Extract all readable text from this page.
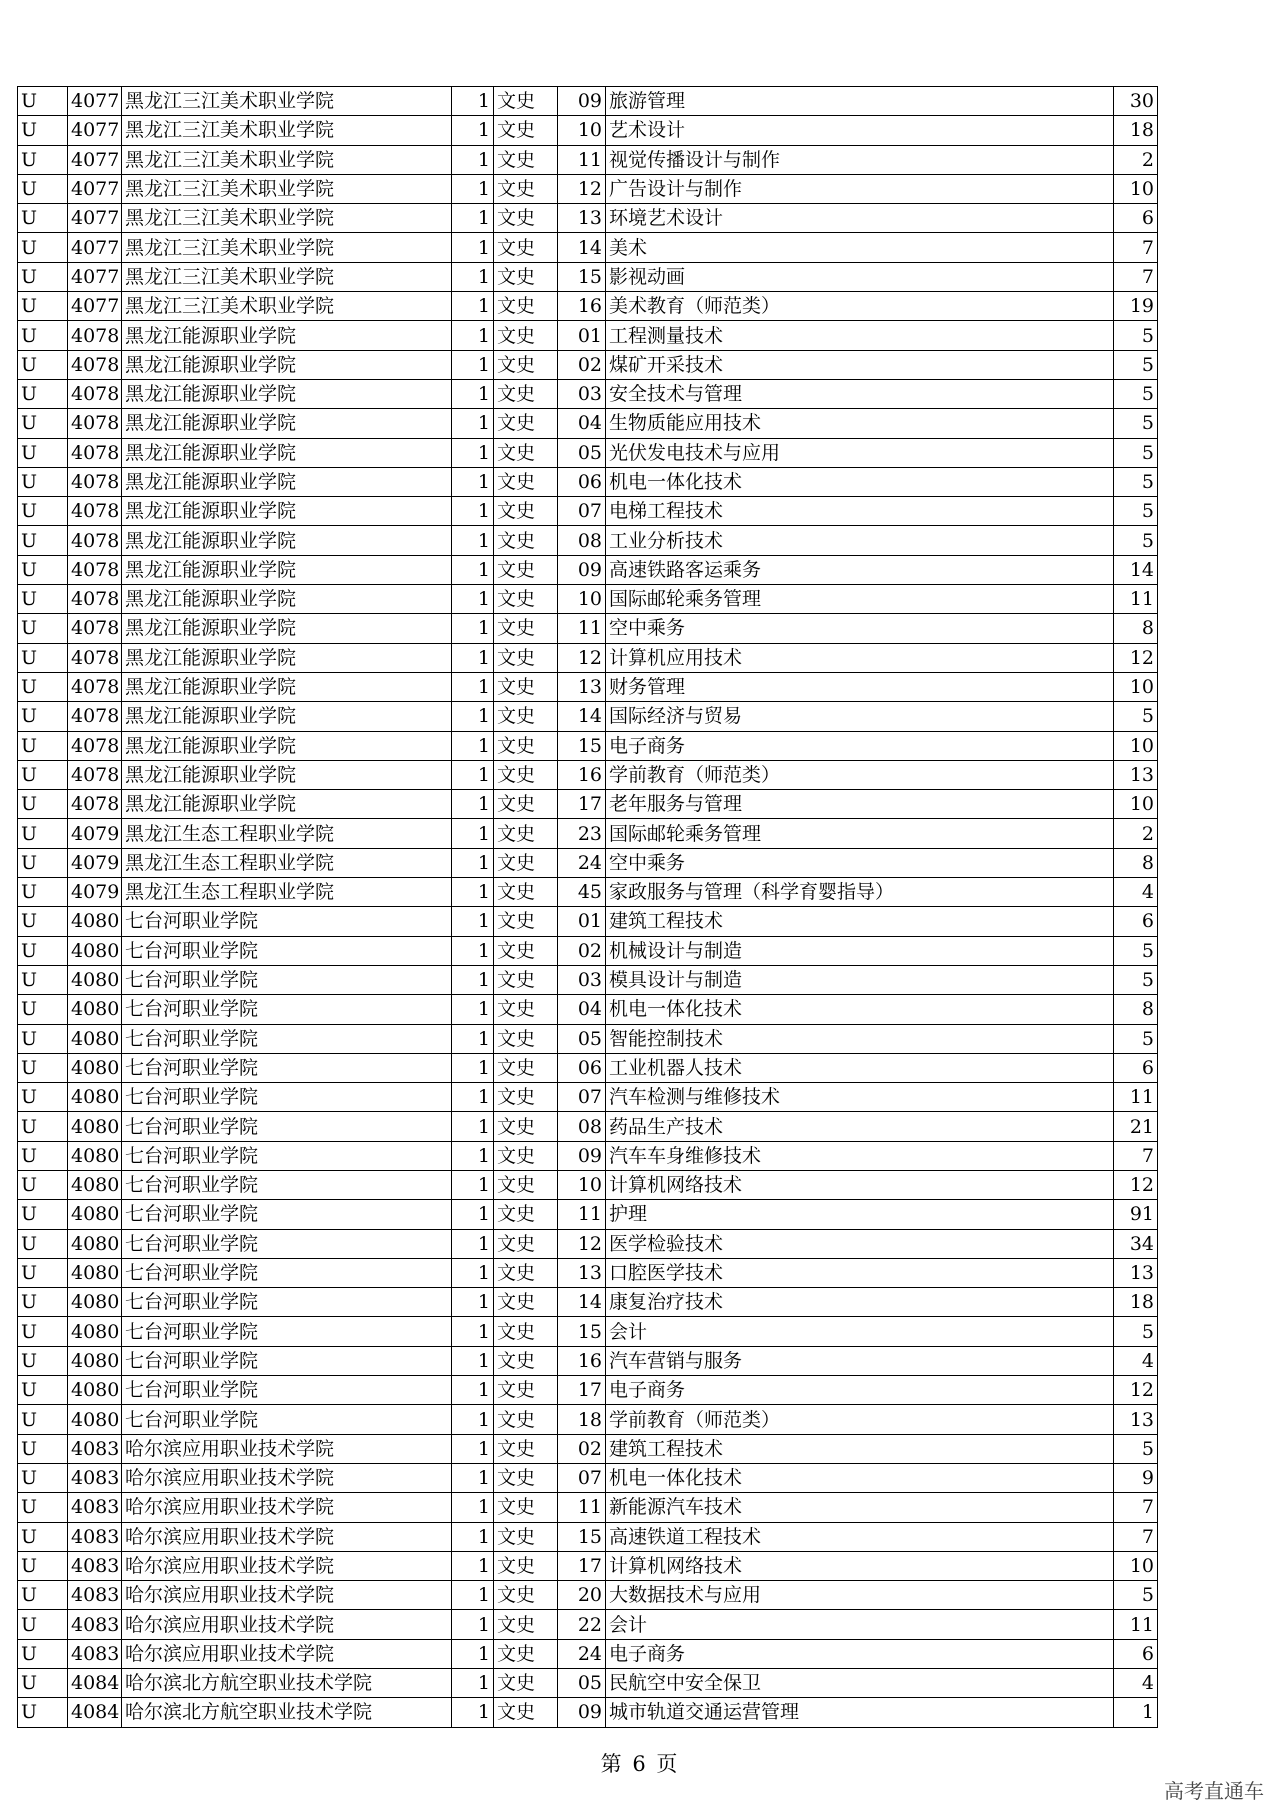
U	4077	黑龙江三江美术职业学院	1	文史	09	旅游管理	30
U	4077	黑龙江三江美术职业学院	1	文史	10	艺术设计	18
U	4077	黑龙江三江美术职业学院	1	文史	11	视觉传播设计与制作	2
U	4077	黑龙江三江美术职业学院	1	文史	12	广告设计与制作	10
U	4077	黑龙江三江美术职业学院	1	文史	13	环境艺术设计	6
U	4077	黑龙江三江美术职业学院	1	文史	14	美术	7
U	4077	黑龙江三江美术职业学院	1	文史	15	影视动画	7
U	4077	黑龙江三江美术职业学院	1	文史	16	美术教育（师范类）	19
U	4078	黑龙江能源职业学院	1	文史	01	工程测量技术	5
U	4078	黑龙江能源职业学院	1	文史	02	煤矿开采技术	5
U	4078	黑龙江能源职业学院	1	文史	03	安全技术与管理	5
U	4078	黑龙江能源职业学院	1	文史	04	生物质能应用技术	5
U	4078	黑龙江能源职业学院	1	文史	05	光伏发电技术与应用	5
U	4078	黑龙江能源职业学院	1	文史	06	机电一体化技术	5
U	4078	黑龙江能源职业学院	1	文史	07	电梯工程技术	5
U	4078	黑龙江能源职业学院	1	文史	08	工业分析技术	5
U	4078	黑龙江能源职业学院	1	文史	09	高速铁路客运乘务	14
U	4078	黑龙江能源职业学院	1	文史	10	国际邮轮乘务管理	11
U	4078	黑龙江能源职业学院	1	文史	11	空中乘务	8
U	4078	黑龙江能源职业学院	1	文史	12	计算机应用技术	12
U	4078	黑龙江能源职业学院	1	文史	13	财务管理	10
U	4078	黑龙江能源职业学院	1	文史	14	国际经济与贸易	5
U	4078	黑龙江能源职业学院	1	文史	15	电子商务	10
U	4078	黑龙江能源职业学院	1	文史	16	学前教育（师范类）	13
U	4078	黑龙江能源职业学院	1	文史	17	老年服务与管理	10
U	4079	黑龙江生态工程职业学院	1	文史	23	国际邮轮乘务管理	2
U	4079	黑龙江生态工程职业学院	1	文史	24	空中乘务	8
U	4079	黑龙江生态工程职业学院	1	文史	45	家政服务与管理（科学育婴指导）	4
U	4080	七台河职业学院	1	文史	01	建筑工程技术	6
U	4080	七台河职业学院	1	文史	02	机械设计与制造	5
U	4080	七台河职业学院	1	文史	03	模具设计与制造	5
U	4080	七台河职业学院	1	文史	04	机电一体化技术	8
U	4080	七台河职业学院	1	文史	05	智能控制技术	5
U	4080	七台河职业学院	1	文史	06	工业机器人技术	6
U	4080	七台河职业学院	1	文史	07	汽车检测与维修技术	11
U	4080	七台河职业学院	1	文史	08	药品生产技术	21
U	4080	七台河职业学院	1	文史	09	汽车车身维修技术	7
U	4080	七台河职业学院	1	文史	10	计算机网络技术	12
U	4080	七台河职业学院	1	文史	11	护理	91
U	4080	七台河职业学院	1	文史	12	医学检验技术	34
U	4080	七台河职业学院	1	文史	13	口腔医学技术	13
U	4080	七台河职业学院	1	文史	14	康复治疗技术	18
U	4080	七台河职业学院	1	文史	15	会计	5
U	4080	七台河职业学院	1	文史	16	汽车营销与服务	4
U	4080	七台河职业学院	1	文史	17	电子商务	12
U	4080	七台河职业学院	1	文史	18	学前教育（师范类）	13
U	4083	哈尔滨应用职业技术学院	1	文史	02	建筑工程技术	5
U	4083	哈尔滨应用职业技术学院	1	文史	07	机电一体化技术	9
U	4083	哈尔滨应用职业技术学院	1	文史	11	新能源汽车技术	7
U	4083	哈尔滨应用职业技术学院	1	文史	15	高速铁道工程技术	7
U	4083	哈尔滨应用职业技术学院	1	文史	17	计算机网络技术	10
U	4083	哈尔滨应用职业技术学院	1	文史	20	大数据技术与应用	5
U	4083	哈尔滨应用职业技术学院	1	文史	22	会计	11
U	4083	哈尔滨应用职业技术学院	1	文史	24	电子商务	6
U	4084	哈尔滨北方航空职业技术学院	1	文史	05	民航空中安全保卫	4
U	4084	哈尔滨北方航空职业技术学院	1	文史	09	城市轨道交通运营管理	1
第 6 页
高考直通车
